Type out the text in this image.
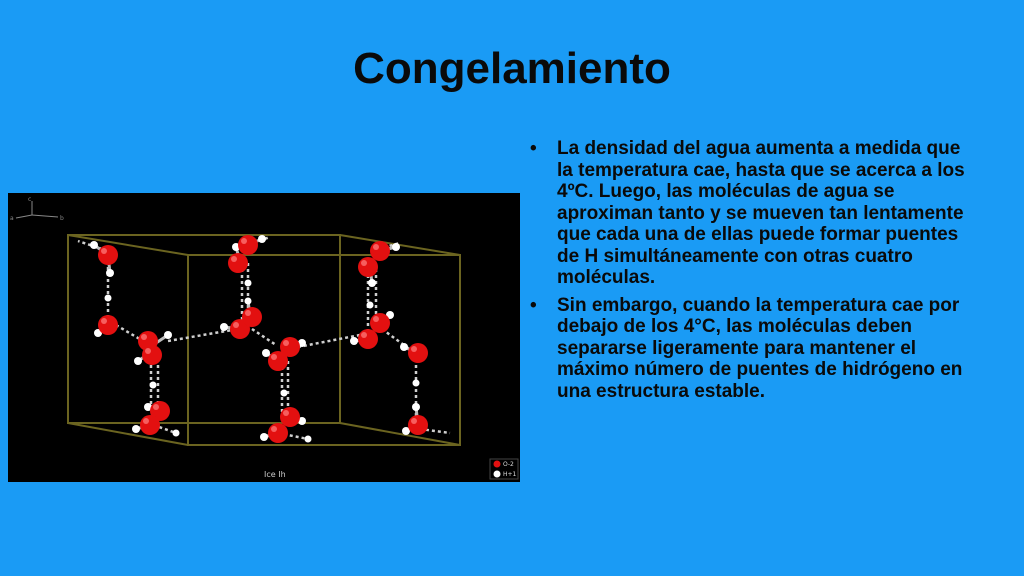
Congelamiento
c
b
a
Ice Ih
O-2
H+1
• La densidad del agua aumenta a medida que la temperatura cae, hasta que se acerca a los 4ºC. Luego, las moléculas de agua se aproximan tanto y se mueven tan lentamente que cada una de ellas puede formar puentes de H simultáneamente con otras cuatro moléculas.
• Sin embargo, cuando la temperatura cae por debajo de los 4°C, las moléculas deben separarse ligeramente para mantener el máximo número de puentes de hidrógeno en una estructura estable.
